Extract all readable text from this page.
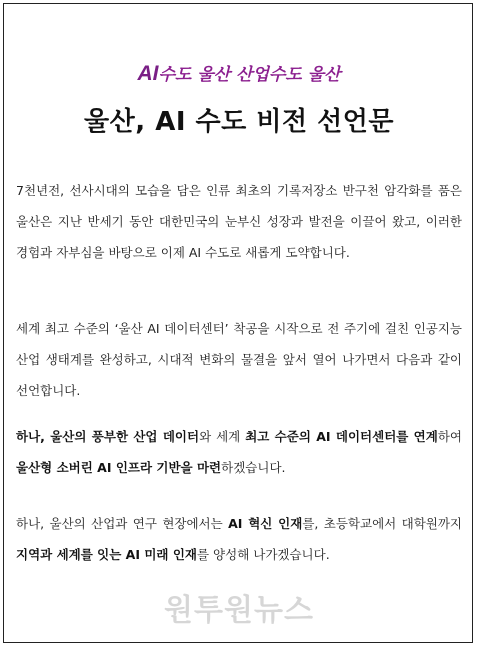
AI수도 울산 산업수도 울산
울산, AI 수도 비전 선언문

7천년전, 선사시대의 모습을 담은 인류 최초의 기록저장소 반구천 암각화를 품은 울산은 지난 반세기 동안 대한민국의 눈부신 성장과 발전을 이끌어 왔고, 이러한 경험과 자부심을 바탕으로 이제 AI 수도로 새롭게 도약합니다.

세계 최고 수준의 ‘울산 AI 데이터센터’ 착공을 시작으로 전 주기에 걸친 인공지능 산업 생태계를 완성하고, 시대적 변화의 물결을 앞서 열어 나가면서 다음과 같이 선언합니다.

하나, 울산의 풍부한 산업 데이터와 세계 최고 수준의 AI 데이터센터를 연계하여 울산형 소버린 AI 인프라 기반을 마련하겠습니다.

하나, 울산의 산업과 연구 현장에서는 AI 혁신 인재를, 초등학교에서 대학원까지 지역과 세계를 잇는 AI 미래 인재를 양성해 나가겠습니다.

원투원뉴스
